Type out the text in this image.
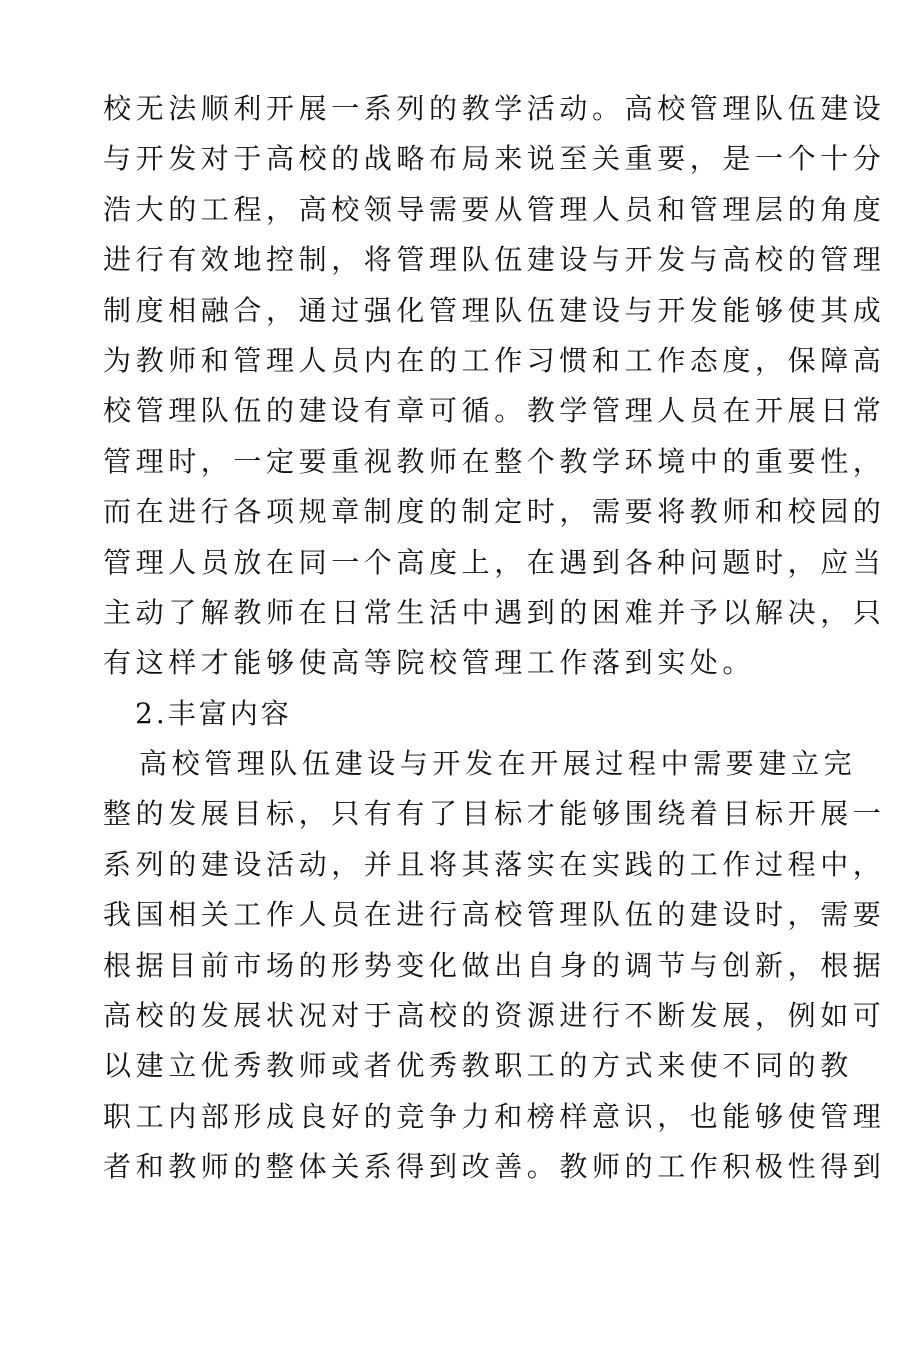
校无法顺利开展一系列的教学活动。高校管理队伍建设
与开发对于高校的战略布局来说至关重要，是一个十分
浩大的工程，高校领导需要从管理人员和管理层的角度
进行有效地控制，将管理队伍建设与开发与高校的管理
制度相融合，通过强化管理队伍建设与开发能够使其成
为教师和管理人员内在的工作习惯和工作态度，保障高
校管理队伍的建设有章可循。教学管理人员在开展日常
管理时，一定要重视教师在整个教学环境中的重要性，
而在进行各项规章制度的制定时，需要将教师和校园的
管理人员放在同一个高度上，在遇到各种问题时，应当
主动了解教师在日常生活中遇到的困难并予以解决，只
有这样才能够使高等院校管理工作落到实处。
2.丰富内容
高校管理队伍建设与开发在开展过程中需要建立完
整的发展目标，只有有了目标才能够围绕着目标开展一
系列的建设活动，并且将其落实在实践的工作过程中，
我国相关工作人员在进行高校管理队伍的建设时，需要
根据目前市场的形势变化做出自身的调节与创新，根据
高校的发展状况对于高校的资源进行不断发展，例如可
以建立优秀教师或者优秀教职工的方式来使不同的教
职工内部形成良好的竞争力和榜样意识，也能够使管理
者和教师的整体关系得到改善。教师的工作积极性得到
